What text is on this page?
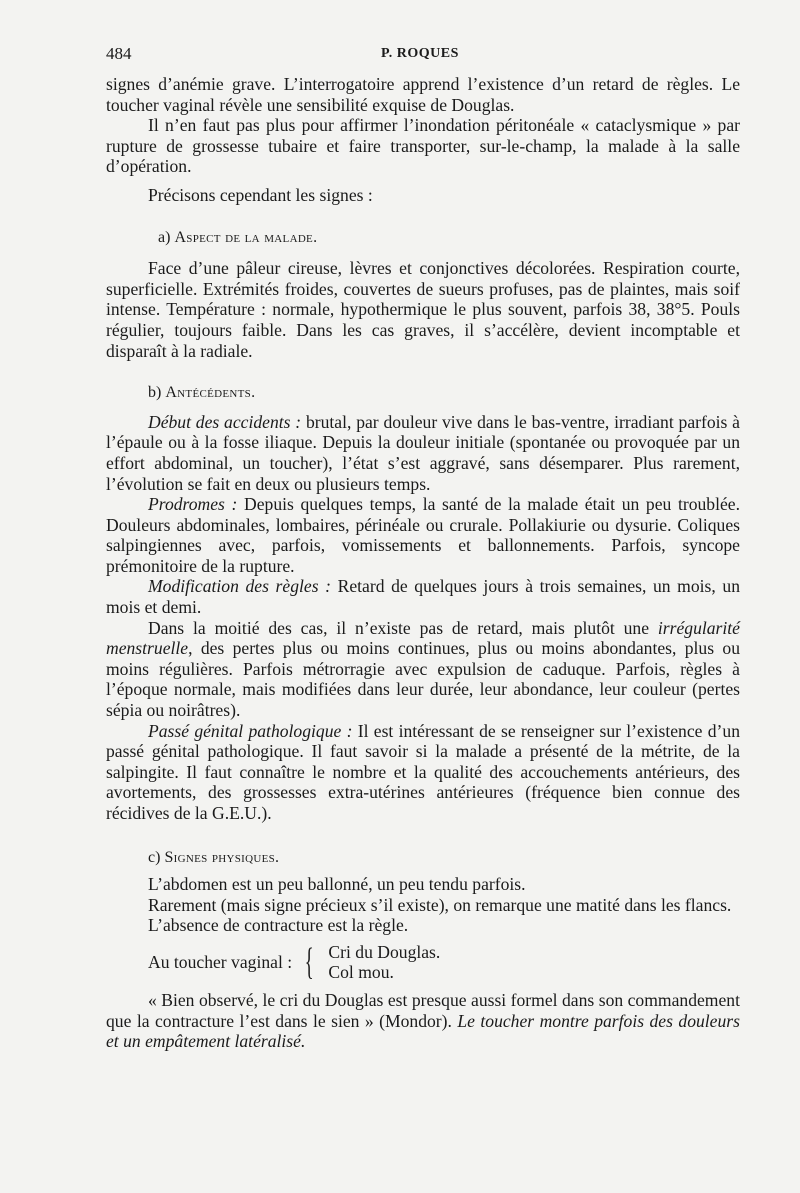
484	P. ROQUES

signes d’anémie grave. L’interrogatoire apprend l’existence d’un retard de règles. Le toucher vaginal révèle une sensibilité exquise de Douglas.

Il n’en faut pas plus pour affirmer l’inondation péritonéale « cataclysmique » par rupture de grossesse tubaire et faire transporter, sur-le-champ, la malade à la salle d’opération.

Précisons cependant les signes :

a) Aspect de la malade.

Face d’une pâleur cireuse, lèvres et conjonctives décolorées. Respiration courte, superficielle. Extrémités froides, couvertes de sueurs profuses, pas de plaintes, mais soif intense. Température : normale, hypothermique le plus souvent, parfois 38, 38°5. Pouls régulier, toujours faible. Dans les cas graves, il s’accélère, devient incomptable et disparaît à la radiale.

b) Antécédents.

Début des accidents : brutal, par douleur vive dans le bas-ventre, irradiant parfois à l’épaule ou à la fosse iliaque. Depuis la douleur initiale (spontanée ou provoquée par un effort abdominal, un toucher), l’état s’est aggravé, sans désemparer. Plus rarement, l’évolution se fait en deux ou plusieurs temps.

Prodromes : Depuis quelques temps, la santé de la malade était un peu troublée. Douleurs abdominales, lombaires, périnéale ou crurale. Pollakiurie ou dysurie. Coliques salpingiennes avec, parfois, vomissements et ballonnements. Parfois, syncope prémonitoire de la rupture.

Modification des règles : Retard de quelques jours à trois semaines, un mois, un mois et demi.

Dans la moitié des cas, il n’existe pas de retard, mais plutôt une irrégularité menstruelle, des pertes plus ou moins continues, plus ou moins abondantes, plus ou moins régulières. Parfois métrorragie avec expulsion de caduque. Parfois, règles à l’époque normale, mais modifiées dans leur durée, leur abondance, leur couleur (pertes sépia ou noirâtres).

Passé génital pathologique : Il est intéressant de se renseigner sur l’existence d’un passé génital pathologique. Il faut savoir si la malade a présenté de la métrite, de la salpingite. Il faut connaître le nombre et la qualité des accouchements antérieurs, des avortements, des grossesses extra-utérines antérieures (fréquence bien connue des récidives de la G.E.U.).

c) Signes physiques.

L’abdomen est un peu ballonné, un peu tendu parfois.

Rarement (mais signe précieux s’il existe), on remarque une matité dans les flancs.

L’absence de contracture est la règle.

Au toucher vaginal : { Cri du Douglas.
Col mou.

« Bien observé, le cri du Douglas est presque aussi formel dans son commandement que la contracture l’est dans le sien » (Mondor). Le toucher montre parfois des douleurs et un empâtement latéralisé.
